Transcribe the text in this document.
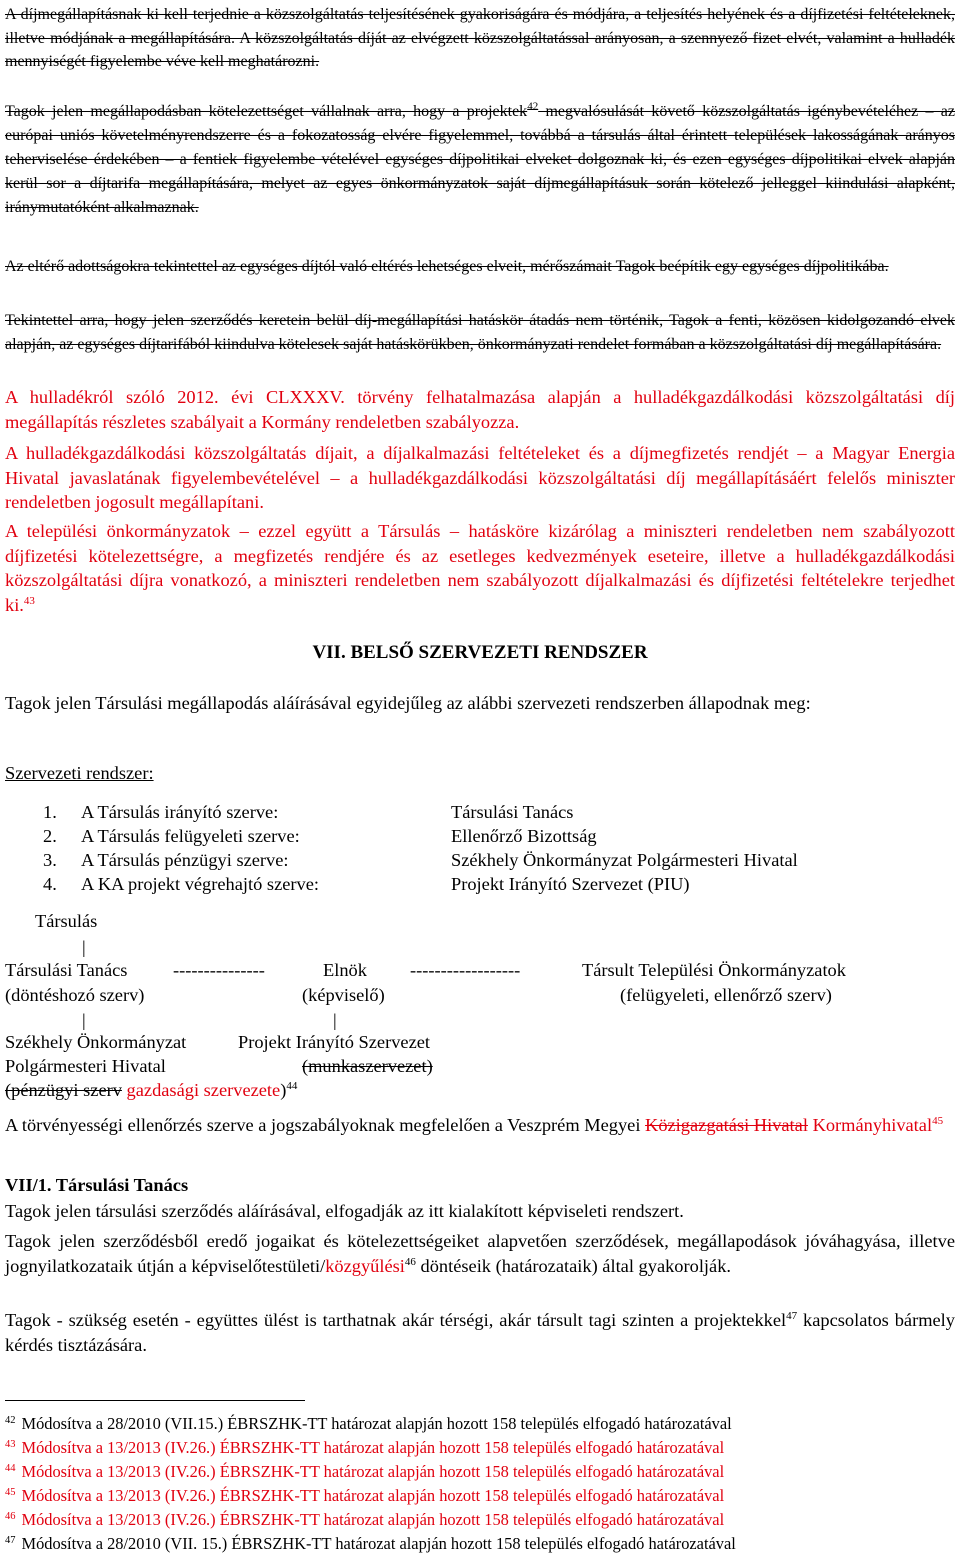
A díjmegállapításnak ki kell terjednie a közszolgáltatás teljesítésének gyakoriságára és módjára, a teljesítés helyének és a díjfizetési feltételeknek, illetve módjának a megállapítására. A közszolgáltatás díját az elvégzett közszolgáltatással arányosan, a szennyező fizet elvét, valamint a hulladék mennyiségét figyelembe véve kell meghatározni.

Tagok jelen megállapodásban kötelezettséget vállalnak arra, hogy a projektek$^{42}$ megvalósulását követő közszolgáltatás igénybevételéhez – az európai uniós követelményrendszerre és a fokozatosság elvére figyelemmel, továbbá a társulás által érintett települések lakosságának arányos teherviselése érdekében – a fentiek figyelembe vételével egységes díjpolitikai elveket dolgoznak ki, és ezen egységes díjpolitikai elvek alapján kerül sor a díjtarifa megállapítására, melyet az egyes önkormányzatok saját díjmegállapításuk során kötelező jelleggel kiindulási alapként, iránymutatóként alkalmaznak.

Az eltérő adottságokra tekintettel az egységes díjtól való eltérés lehetséges elveit, mérőszámait Tagok beépítik egy egységes díjpolitikába.

Tekintettel arra, hogy jelen szerződés keretein belül díj-megállapítási hatáskör átadás nem történik, Tagok a fenti, közösen kidolgozandó elvek alapján, az egységes díjtarifából kiindulva kötelesek saját hatáskörükben, önkormányzati rendelet formában a közszolgáltatási díj megállapítására.

A hulladékról szóló 2012. évi CLXXXV. törvény felhatalmazása alapján a hulladékgazdálkodási közszolgáltatási díj megállapítás részletes szabályait a Kormány rendeletben szabályozza.

A hulladékgazdálkodási közszolgáltatás díjait, a díjalkalmazási feltételeket és a díjmegfizetés rendjét – a Magyar Energia Hivatal javaslatának figyelembevételével – a hulladékgazdálkodási közszolgáltatási díj megállapításáért felelős miniszter rendeletben jogosult megállapítani.

A települési önkormányzatok – ezzel együtt a Társulás – hatásköre kizárólag a miniszteri rendeletben nem szabályozott díjfizetési kötelezettségre, a megfizetés rendjére és az esetleges kedvezmények eseteire, illetve a hulladékgazdálkodási közszolgáltatási díjra vonatkozó, a miniszteri rendeletben nem szabályozott díjalkalmazási és díjfizetési feltételekre terjedhet ki.$^{43}$

VII. BELSŐ SZERVEZETI RENDSZER

Tagok jelen Társulási megállapodás aláírásával egyidejűleg az alábbi szervezeti rendszerben állapodnak meg:

Szervezeti rendszer:
1. A Társulás irányító szerve:	Társulási Tanács
2. A Társulás felügyeleti szerve:	Ellenőrző Bizottság
3. A Társulás pénzügyi szerve:	Székhely Önkormányzat Polgármesteri Hivatal
4. A KA projekt végrehajtó szerve:	Projekt Irányító Szervezet (PIU)
Társulás
|
Társulási Tanács ---------------	Elnök ------------------	Társult Települési Önkormányzatok
(döntéshozó szerv)	(képviselő)	(felügyeleti, ellenőrző szerv)
|	|
Székhely Önkormányzat	Projekt Irányító Szervezet
Polgármesteri Hivatal	(munkaszervezet)
(pénzügyi szerv gazdasági szervezete)$^{44}$

A törvényességi ellenőrzés szerve a jogszabályoknak megfelelően a Veszprém Megyei Közigazgatási Hivatal Kormányhivatal$^{45}$

VII/1. Társulási Tanács

Tagok jelen társulási szerződés aláírásával, elfogadják az itt kialakított képviseleti rendszert.

Tagok jelen szerződésből eredő jogaikat és kötelezettségeiket alapvetően szerződések, megállapodások jóváhagyása, illetve jognyilatkozataik útján a képviselőtestületi/közgyűlési$^{46}$ döntéseik (határozataik) által gyakorolják.

Tagok - szükség esetén - együttes ülést is tarthatnak akár térségi, akár társult tagi szinten a projektekkel$^{47}$ kapcsolatos bármely kérdés tisztázására.

$^{42}$ Módosítva a 28/2010 (VII.15.) ÉBRSZHK-TT határozat alapján hozott 158 település elfogadó határozatával
$^{43}$ Módosítva a 13/2013 (IV.26.) ÉBRSZHK-TT határozat alapján hozott 158 település elfogadó határozatával
$^{44}$ Módosítva a 13/2013 (IV.26.) ÉBRSZHK-TT határozat alapján hozott 158 település elfogadó határozatával
$^{45}$ Módosítva a 13/2013 (IV.26.) ÉBRSZHK-TT határozat alapján hozott 158 település elfogadó határozatával
$^{46}$ Módosítva a 13/2013 (IV.26.) ÉBRSZHK-TT határozat alapján hozott 158 település elfogadó határozatával
$^{47}$ Módosítva a 28/2010 (VII. 15.) ÉBRSZHK-TT határozat alapján hozott 158 település elfogadó határozatával
